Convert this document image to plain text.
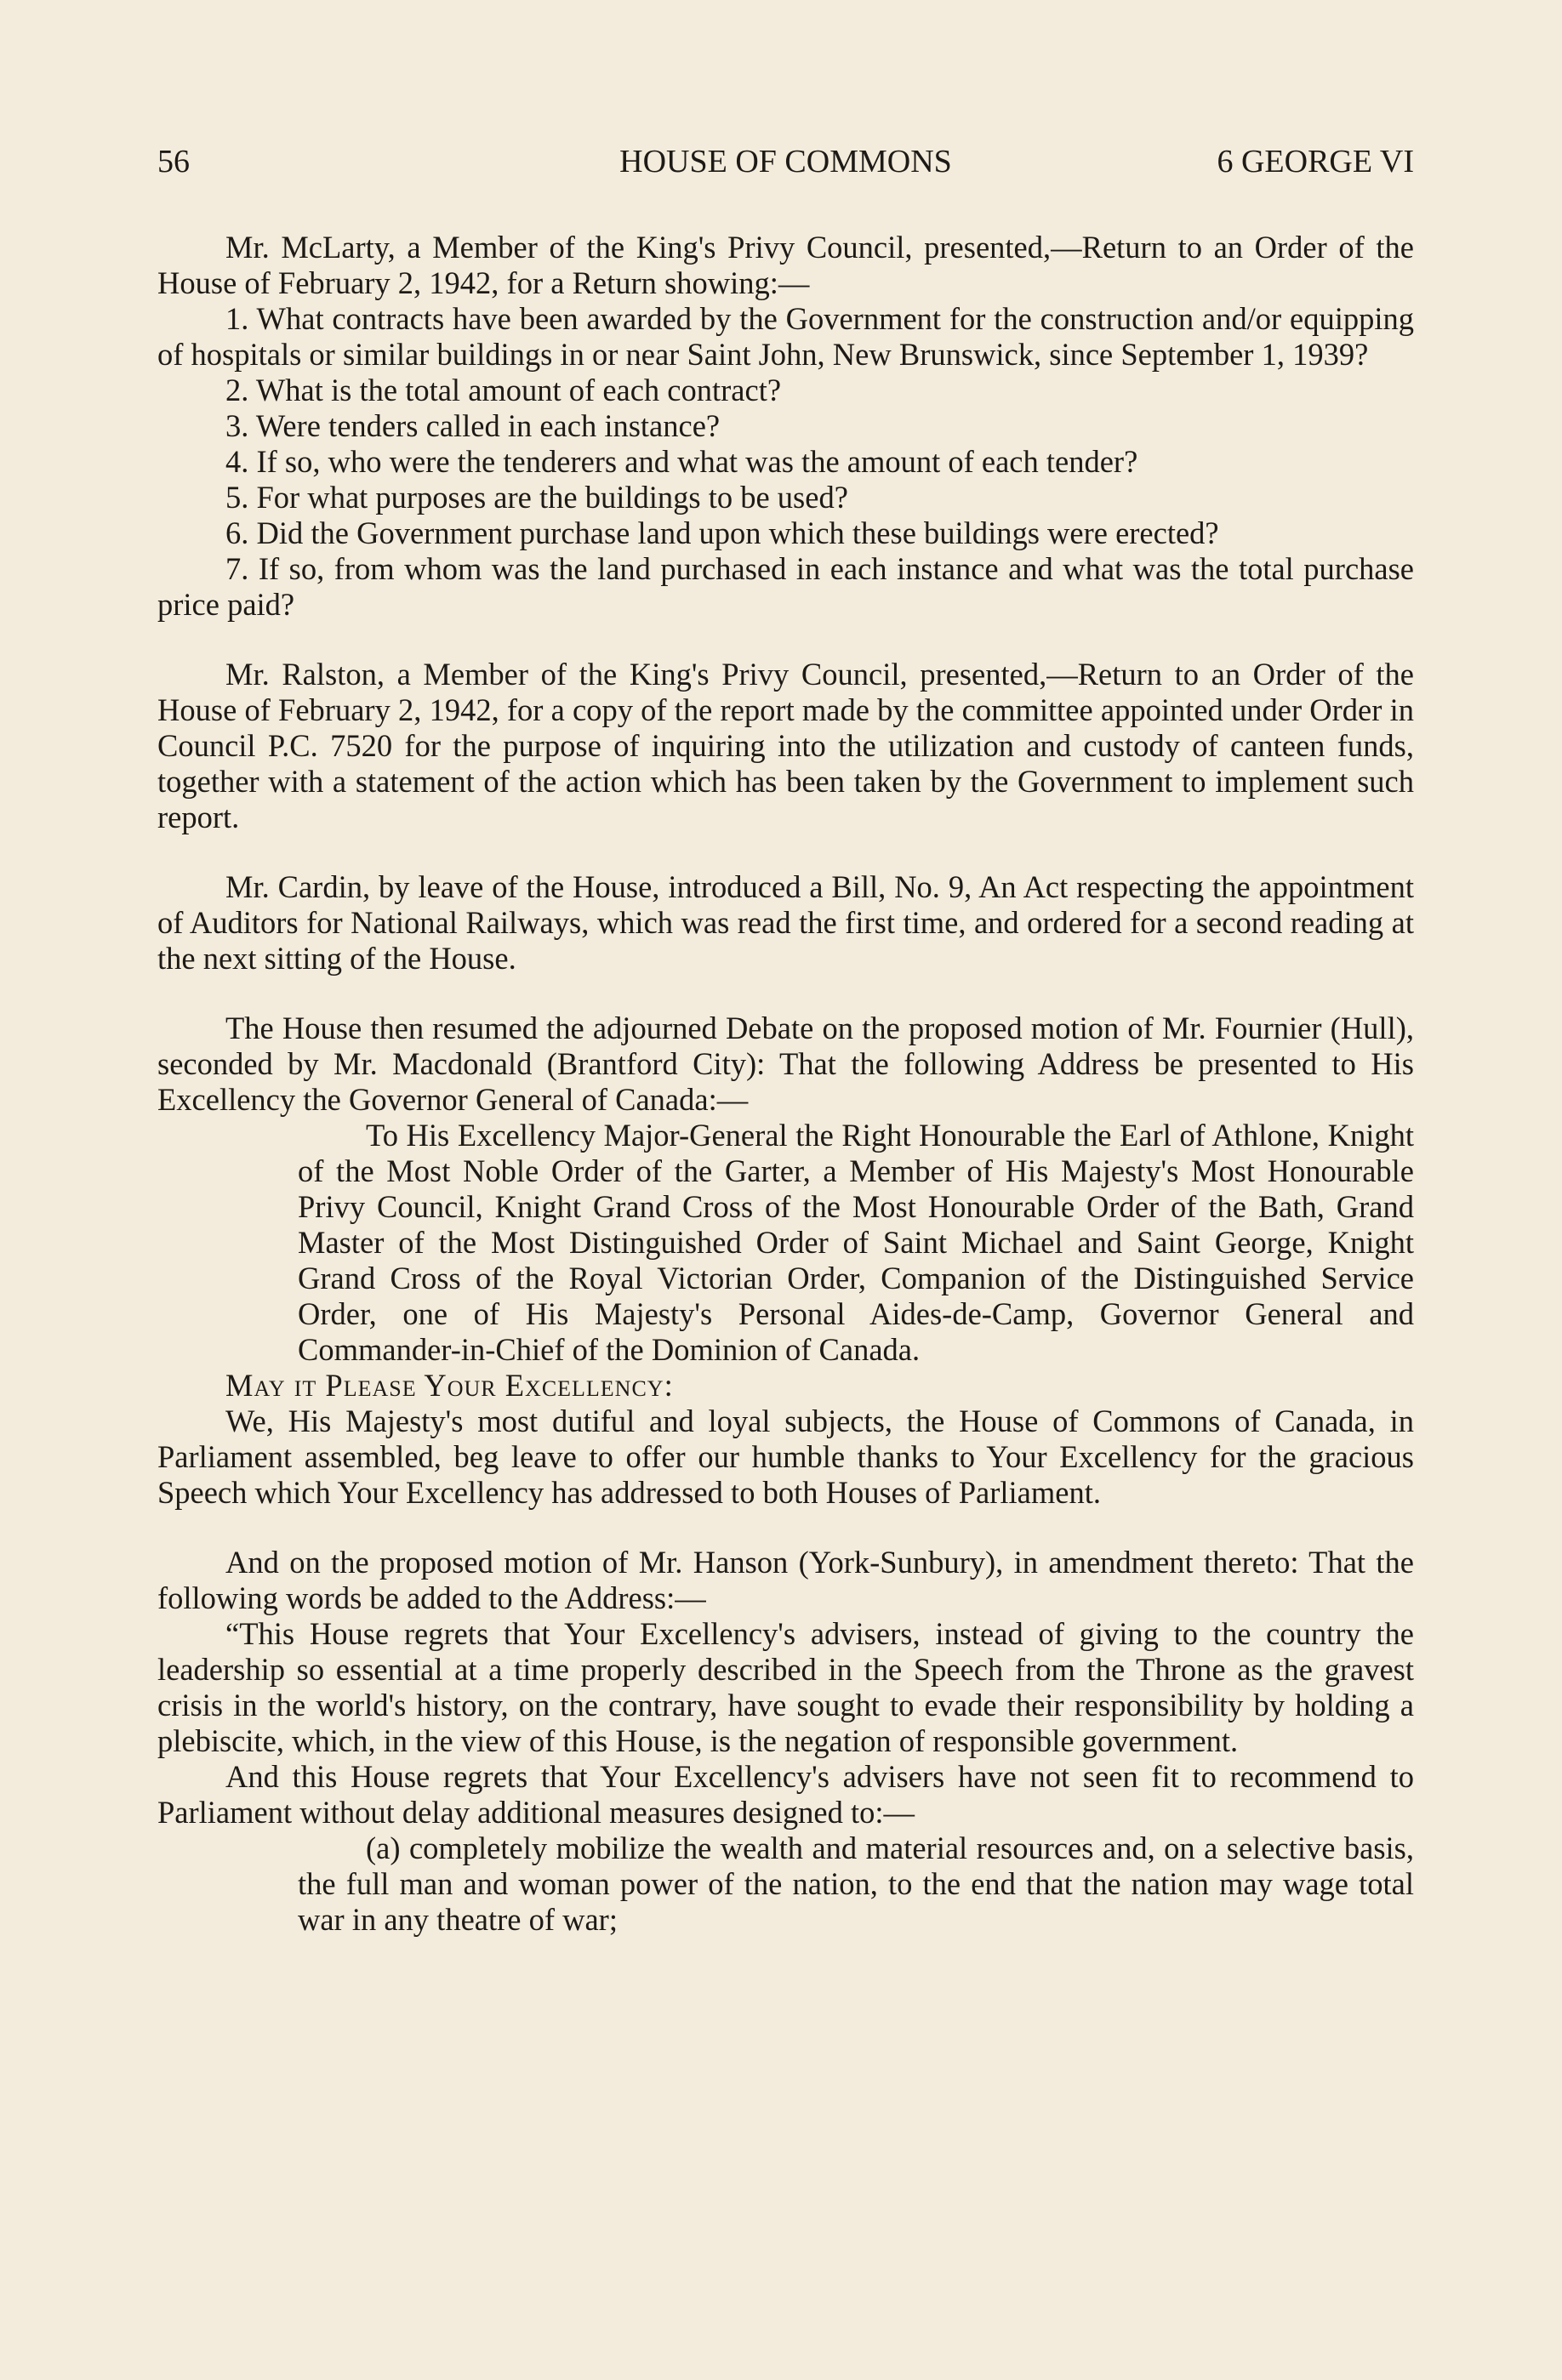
56	HOUSE OF COMMONS	6 GEORGE VI

Mr. McLarty, a Member of the King's Privy Council, presented,—Return to an Order of the House of February 2, 1942, for a Return showing:—

1. What contracts have been awarded by the Government for the construction and/or equipping of hospitals or similar buildings in or near Saint John, New Brunswick, since September 1, 1939?
2. What is the total amount of each contract?
3. Were tenders called in each instance?
4. If so, who were the tenderers and what was the amount of each tender?
5. For what purposes are the buildings to be used?
6. Did the Government purchase land upon which these buildings were erected?
7. If so, from whom was the land purchased in each instance and what was the total purchase price paid?

Mr. Ralston, a Member of the King's Privy Council, presented,—Return to an Order of the House of February 2, 1942, for a copy of the report made by the committee appointed under Order in Council P.C. 7520 for the purpose of inquiring into the utilization and custody of canteen funds, together with a statement of the action which has been taken by the Government to implement such report.

Mr. Cardin, by leave of the House, introduced a Bill, No. 9, An Act respecting the appointment of Auditors for National Railways, which was read the first time, and ordered for a second reading at the next sitting of the House.

The House then resumed the adjourned Debate on the proposed motion of Mr. Fournier (Hull), seconded by Mr. Macdonald (Brantford City): That the following Address be presented to His Excellency the Governor General of Canada:—

To His Excellency Major-General the Right Honourable the Earl of Athlone, Knight of the Most Noble Order of the Garter, a Member of His Majesty's Most Honourable Privy Council, Knight Grand Cross of the Most Honourable Order of the Bath, Grand Master of the Most Distinguished Order of Saint Michael and Saint George, Knight Grand Cross of the Royal Victorian Order, Companion of the Distinguished Service Order, one of His Majesty's Personal Aides-de-Camp, Governor General and Commander-in-Chief of the Dominion of Canada.

May it Please Your Excellency:

We, His Majesty's most dutiful and loyal subjects, the House of Commons of Canada, in Parliament assembled, beg leave to offer our humble thanks to Your Excellency for the gracious Speech which Your Excellency has addressed to both Houses of Parliament.

And on the proposed motion of Mr. Hanson (York-Sunbury), in amendment thereto: That the following words be added to the Address:—

“This House regrets that Your Excellency's advisers, instead of giving to the country the leadership so essential at a time properly described in the Speech from the Throne as the gravest crisis in the world's history, on the contrary, have sought to evade their responsibility by holding a plebiscite, which, in the view of this House, is the negation of responsible government.

And this House regrets that Your Excellency's advisers have not seen fit to recommend to Parliament without delay additional measures designed to:—

(a) completely mobilize the wealth and material resources and, on a selective basis, the full man and woman power of the nation, to the end that the nation may wage total war in any theatre of war;
